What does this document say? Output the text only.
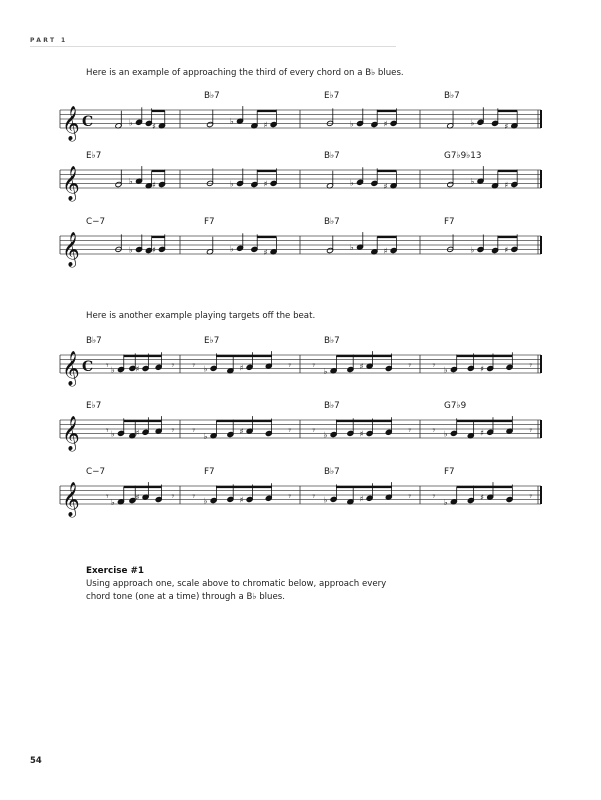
PART 1

Here is an example of approaching the third of every chord on a B♭ blues.

Here is another example playing targets off the beat.

𝄞 C
B♭7	E♭7	B♭7
♭ ♯
♭	♯	♭	♯	♭	♯
𝄞
E♭7	B♭7	G7♭9♭13
♭ ♯	♭	♯	♭	♯
♭	♯
𝄞
C−7	F7	B♭7	F7
♭ ♯	♭	♯
♭	♯	♭	♯
𝄞 C
B♭7	E♭7	B♭7
𝄾 ♭	♯	𝄾 𝄾 ♭	♯	𝄾 𝄾 ♭
♯	𝄾 𝄾 ♭	♯	𝄾
𝄞
E♭7	B♭7	G7♭9
𝄾 ♭	♯	𝄾 𝄾 ♭
♯	𝄾 𝄾 ♭	♯	𝄾 𝄾 ♭	♯	𝄾
𝄞
C−7	F7	B♭7	F7
𝄾 ♭
♯	𝄾 𝄾 ♭	♯	𝄾 𝄾 ♭	♯	𝄾 𝄾 ♭
♯	𝄾

Exercise #1

Using approach one, scale above to chromatic below, approach every chord tone (one at a time) through a B♭ blues.

54
